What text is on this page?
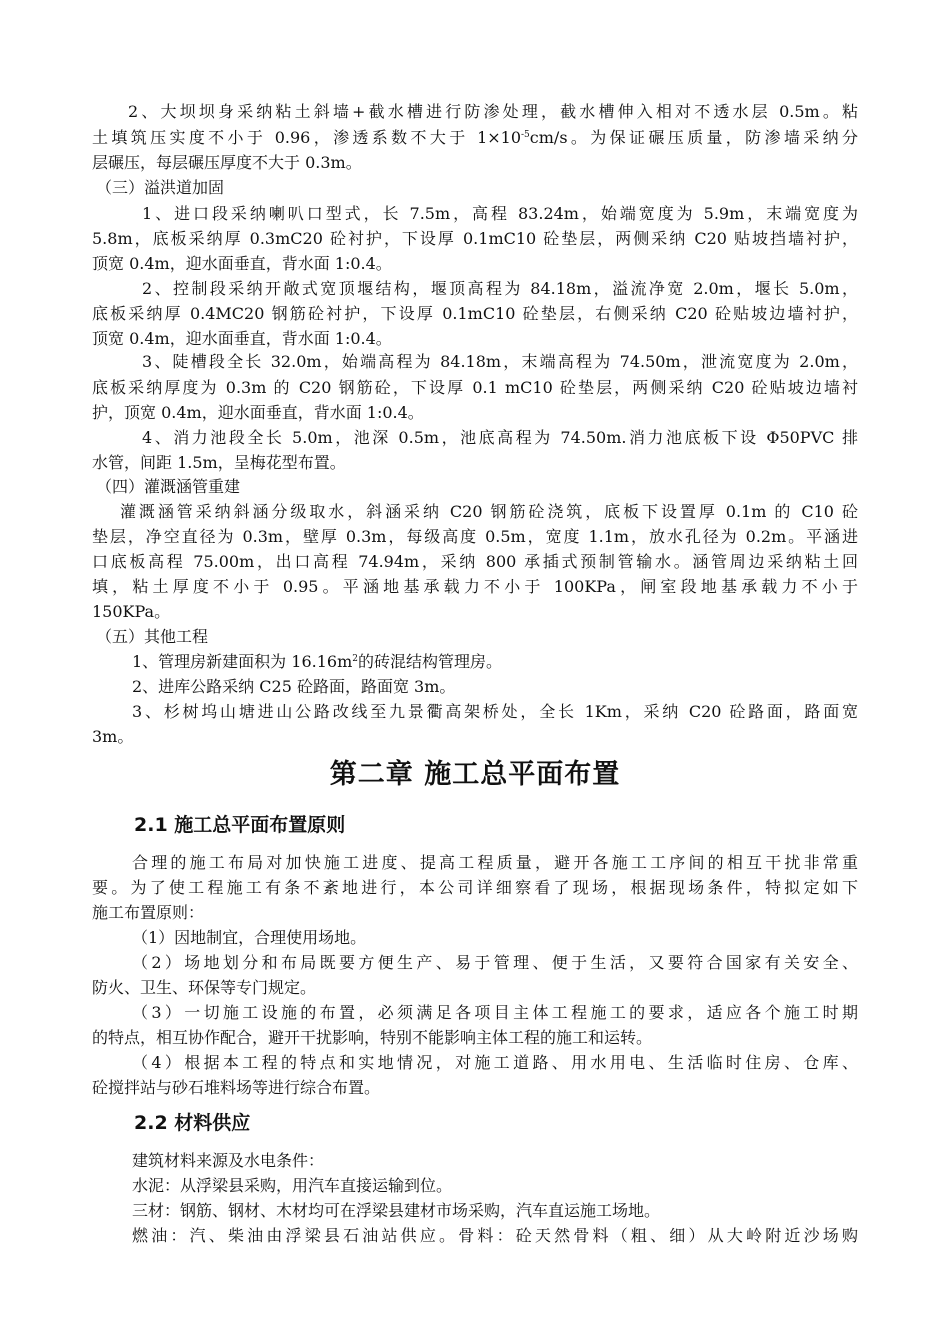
2、大坝坝身采纳粘土斜墙+截水槽进行防渗处理，截水槽伸入相对不透水层 0.5m。粘
土填筑压实度不小于 0.96，渗透系数不大于 $1\times 10^{-5}cm/s$。为保证碾压质量，防渗墙采纳分
层碾压，每层碾压厚度不大于 0.3m。
（三）溢洪道加固
1、进口段采纳喇叭口型式，长 7.5m，高程 83.24m，始端宽度为 5.9m，末端宽度为
5.8m，底板采纳厚 0.3mC20 砼衬护，下设厚 0.1mC10 砼垫层，两侧采纳 C20 贴坡挡墙衬护，
顶宽 0.4m，迎水面垂直，背水面 1:0.4。
2、控制段采纳开敞式宽顶堰结构，堰顶高程为 84.18m，溢流净宽 2.0m，堰长 5.0m，
底板采纳厚 0.4MC20 钢筋砼衬护，下设厚 0.1mC10 砼垫层，右侧采纳 C20 砼贴坡边墙衬护，
顶宽 0.4m，迎水面垂直，背水面 1:0.4。
3、陡槽段全长 32.0m，始端高程为 84.18m，末端高程为 74.50m，泄流宽度为 2.0m，
底板采纳厚度为 0.3m 的 C20 钢筋砼，下设厚 0.1 mC10 砼垫层，两侧采纳 C20 砼贴坡边墙衬
护，顶宽 0.4m，迎水面垂直，背水面 1:0.4。
4、消力池段全长 5.0m，池深 0.5m，池底高程为 74.50m.消力池底板下设 Φ50PVC 排
水管，间距 1.5m，呈梅花型布置。
（四）灌溉涵管重建
灌溉涵管采纳斜涵分级取水，斜涵采纳 C20 钢筋砼浇筑，底板下设置厚 0.1m 的 C10 砼
垫层，净空直径为 0.3m，壁厚 0.3m，每级高度 0.5m，宽度 1.1m，放水孔径为 0.2m。平涵进
口底板高程 75.00m，出口高程 74.94m，采纳 800 承插式预制管输水。涵管周边采纳粘土回
填，粘土厚度不小于 0.95。平涵地基承载力不小于 100KPa，闸室段地基承载力不小于
150KPa。
（五）其他工程
1、管理房新建面积为 $16.16m^2$的砖混结构管理房。
2、进库公路采纳 C25 砼路面，路面宽 3m。
3、杉树坞山塘进山公路改线至九景衢高架桥处，全长 1Km，采纳 C20 砼路面，路面宽
3m。
第二章 施工总平面布置
2.1 施工总平面布置原则
合理的施工布局对加快施工进度、提高工程质量，避开各施工工序间的相互干扰非常重
要。为了使工程施工有条不紊地进行，本公司详细察看了现场，根据现场条件，特拟定如下
施工布置原则：
（1）因地制宜，合理使用场地。
（2）场地划分和布局既要方便生产、易于管理、便于生活，又要符合国家有关安全、
防火、卫生、环保等专门规定。
（3）一切施工设施的布置，必须满足各项目主体工程施工的要求，适应各个施工时期
的特点，相互协作配合，避开干扰影响，特别不能影响主体工程的施工和运转。
（4）根据本工程的特点和实地情况，对施工道路、用水用电、生活临时住房、仓库、
砼搅拌站与砂石堆料场等进行综合布置。
2.2 材料供应
建筑材料来源及水电条件：
水泥：从浮梁县采购，用汽车直接运输到位。
三材：钢筋、钢材、木材均可在浮梁县建材市场采购，汽车直运施工场地。
燃油：汽、柴油由浮梁县石油站供应。骨料：砼天然骨料（粗、细）从大岭附近沙场购
